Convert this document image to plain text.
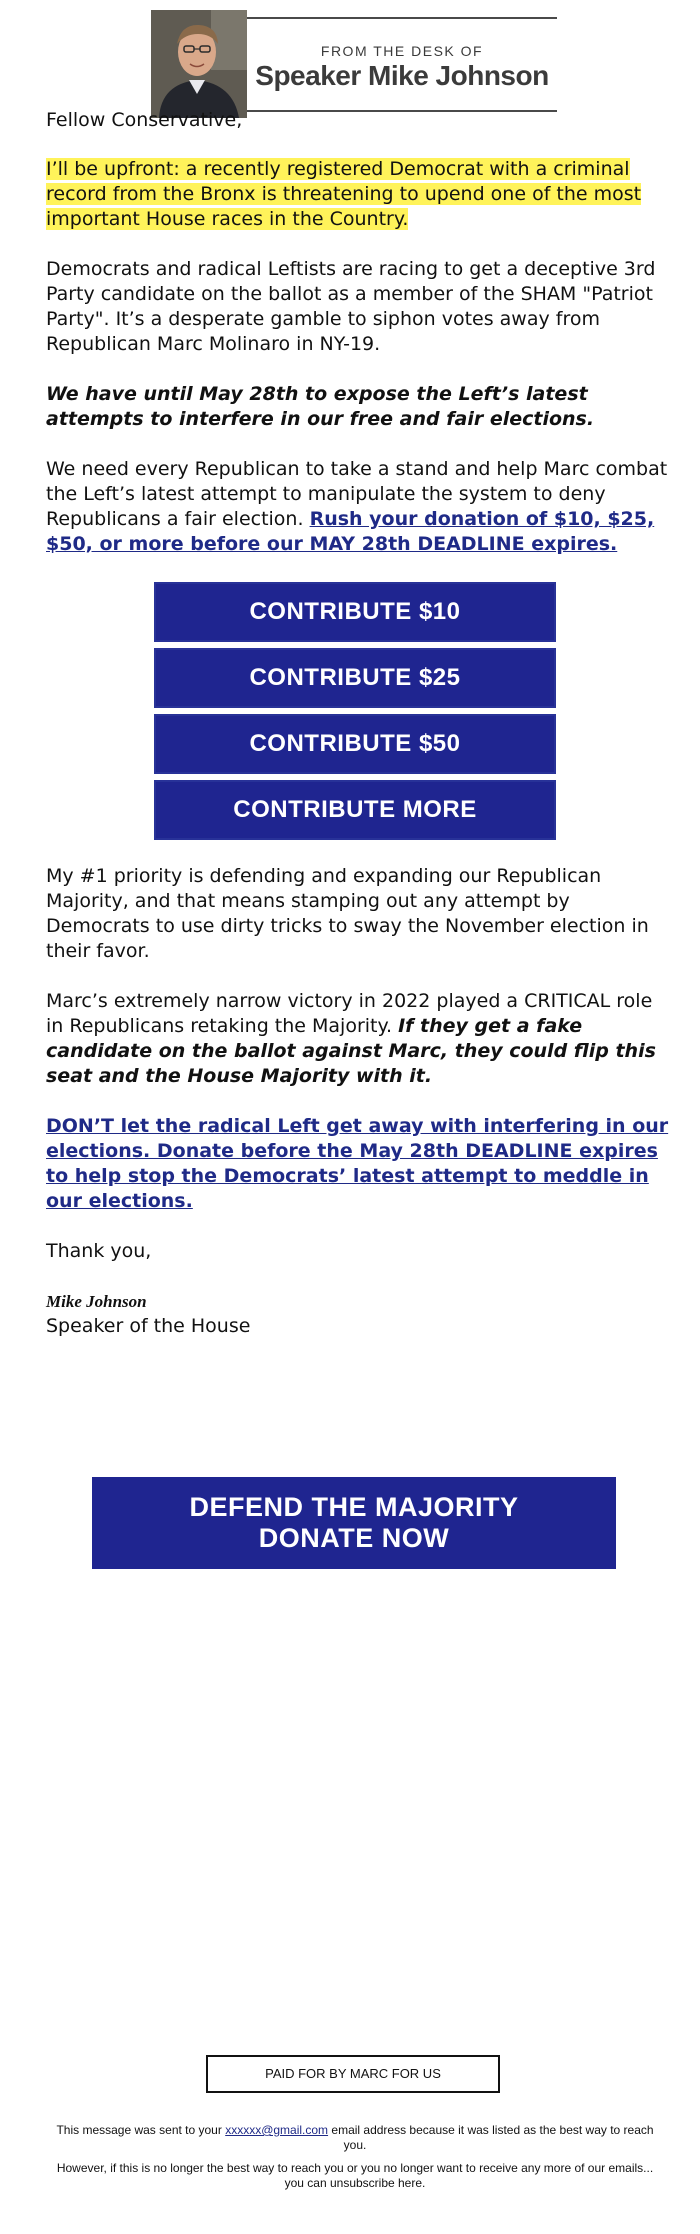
FROM THE DESK OF
Speaker Mike Johnson

Fellow Conservative,

I’ll be upfront: a recently registered Democrat with a criminal record from the Bronx is threatening to upend one of the most important House races in the Country.

Democrats and radical Leftists are racing to get a deceptive 3rd Party candidate on the ballot as a member of the SHAM "Patriot Party". It’s a desperate gamble to siphon votes away from Republican Marc Molinaro in NY-19.

We have until May 28th to expose the Left’s latest attempts to interfere in our free and fair elections.

We need every Republican to take a stand and help Marc combat the Left’s latest attempt to manipulate the system to deny Republicans a fair election. Rush your donation of $10, $25, $50, or more before our MAY 28th DEADLINE expires.

CONTRIBUTE $10
CONTRIBUTE $25
CONTRIBUTE $50
CONTRIBUTE MORE

My #1 priority is defending and expanding our Republican Majority, and that means stamping out any attempt by Democrats to use dirty tricks to sway the November election in their favor.

Marc’s extremely narrow victory in 2022 played a CRITICAL role in Republicans retaking the Majority. If they get a fake candidate on the ballot against Marc, they could flip this seat and the House Majority with it.

DON’T let the radical Left get away with interfering in our elections. Donate before the May 28th DEADLINE expires to help stop the Democrats’ latest attempt to meddle in our elections.

Thank you,

Mike Johnson
Speaker of the House

DEFEND THE MAJORITY
DONATE NOW
PAID FOR BY MARC FOR US

This message was sent to your xxxxxx@gmail.com email address because it was listed as the best way to reach you.

However, if this is no longer the best way to reach you or you no longer want to receive any more of our emails... you can unsubscribe here.
